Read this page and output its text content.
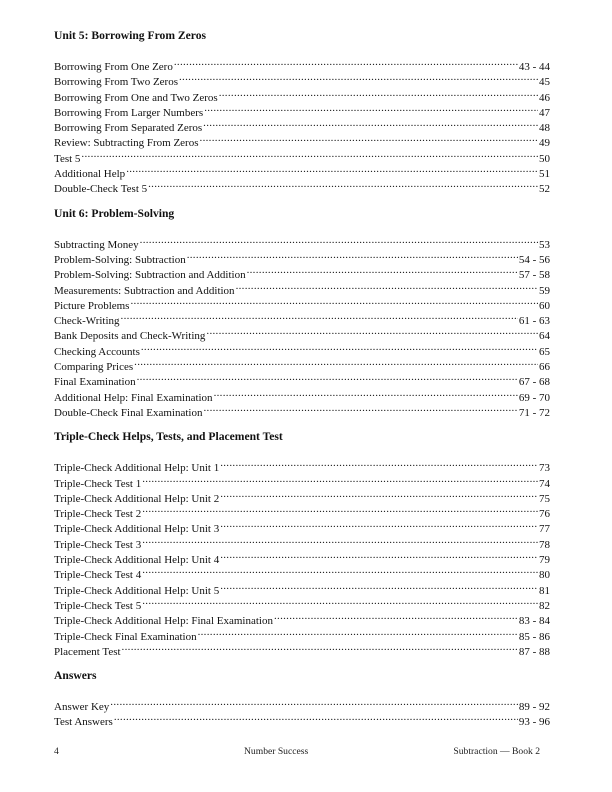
Unit 5: Borrowing From Zeros
Borrowing From One Zero .....	43 - 44
Borrowing From Two Zeros .....	45
Borrowing From One and Two Zeros .....	46
Borrowing From Larger Numbers .....	47
Borrowing From Separated Zeros .....	48
Review: Subtracting From Zeros .....	49
Test 5 .....	50
Additional Help .....	51
Double-Check Test 5 .....	52
Unit 6: Problem-Solving
Subtracting Money .....	53
Problem-Solving: Subtraction .....	54 - 56
Problem-Solving: Subtraction and Addition .....	57 - 58
Measurements: Subtraction and Addition .....	59
Picture Problems .....	60
Check-Writing .....	61 - 63
Bank Deposits and Check-Writing .....	64
Checking Accounts .....	65
Comparing Prices .....	66
Final Examination .....	67 - 68
Additional Help: Final Examination .....	69 - 70
Double-Check Final Examination .....	71 - 72
Triple-Check Helps, Tests, and Placement Test
Triple-Check Additional Help: Unit 1 .....	73
Triple-Check Test 1 .....	74
Triple-Check Additional Help: Unit 2 .....	75
Triple-Check Test 2 .....	76
Triple-Check Additional Help: Unit 3 .....	77
Triple-Check Test 3 .....	78
Triple-Check Additional Help: Unit 4 .....	79
Triple-Check Test 4 .....	80
Triple-Check Additional Help: Unit 5 .....	81
Triple-Check Test 5 .....	82
Triple-Check Additional Help: Final Examination .....	83 - 84
Triple-Check Final Examination .....	85 - 86
Placement Test .....	87 - 88
Answers
Answer Key .....	89 - 92
Test Answers .....	93 - 96
4	Number Success	Subtraction — Book 2
